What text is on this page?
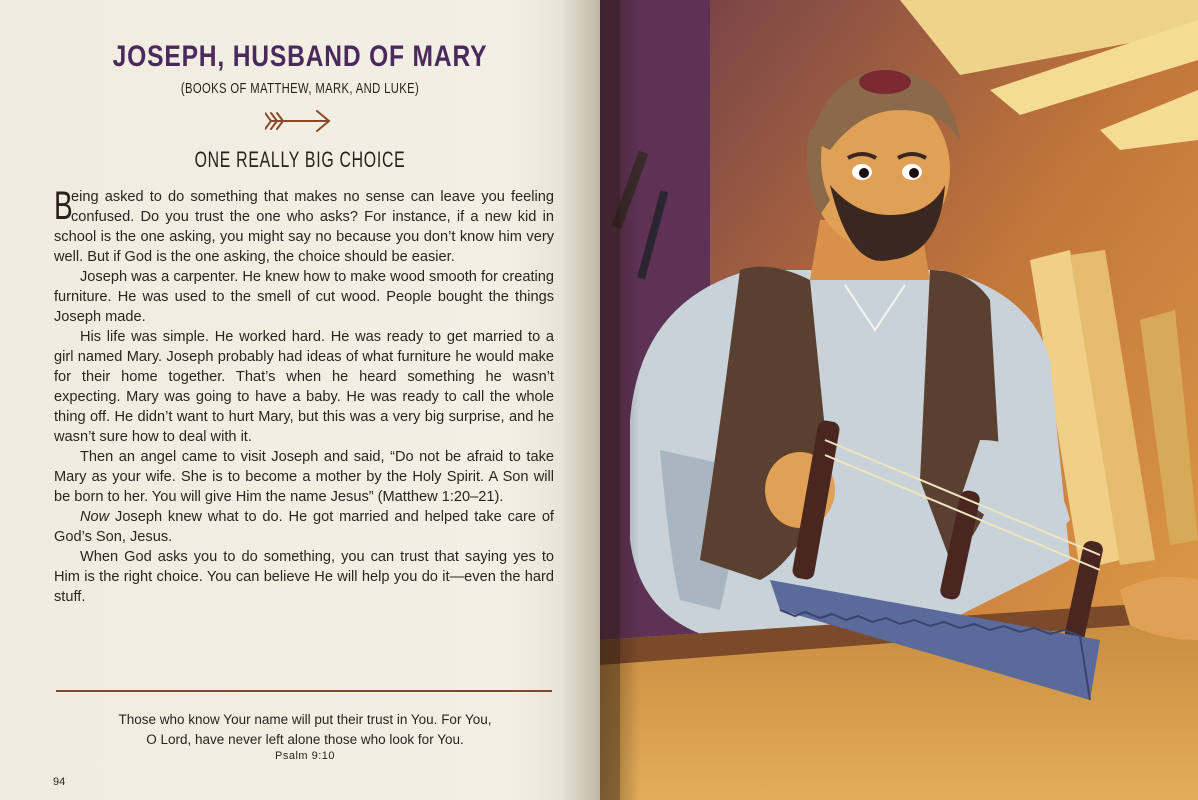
JOSEPH, HUSBAND OF MARY
(BOOKS OF MATTHEW, MARK, AND LUKE)
ONE REALLY BIG CHOICE

B
eing asked to do something that makes no sense can leave you feeling confused. Do you trust the one who asks? For instance, if a new kid in school is the one asking, you might say no because you don’t know him very well. But if God is the one asking, the choice should be easier.

Joseph was a carpenter. He knew how to make wood smooth for creating furniture. He was used to the smell of cut wood. People bought the things Joseph made.

His life was simple. He worked hard. He was ready to get married to a girl named Mary. Joseph probably had ideas of what furniture he would make for their home together. That’s when he heard something he wasn’t expecting. Mary was going to have a baby. He was ready to call the whole thing off. He didn’t want to hurt Mary, but this was a very big surprise, and he wasn’t sure how to deal with it.

Then an angel came to visit Joseph and said, “Do not be afraid to take Mary as your wife. She is to become a mother by the Holy Spirit. A Son will be born to her. You will give Him the name Jesus” (Matthew 1:20–21).

Now Joseph knew what to do. He got married and helped take care of God’s Son, Jesus.

When God asks you to do something, you can trust that saying yes to Him is the right choice. You can believe He will help you do it—even the hard stuff.

Those who know Your name will put their trust in You. For You,
O Lord, have never left alone those who look for You.
Psalm 9:10
94
